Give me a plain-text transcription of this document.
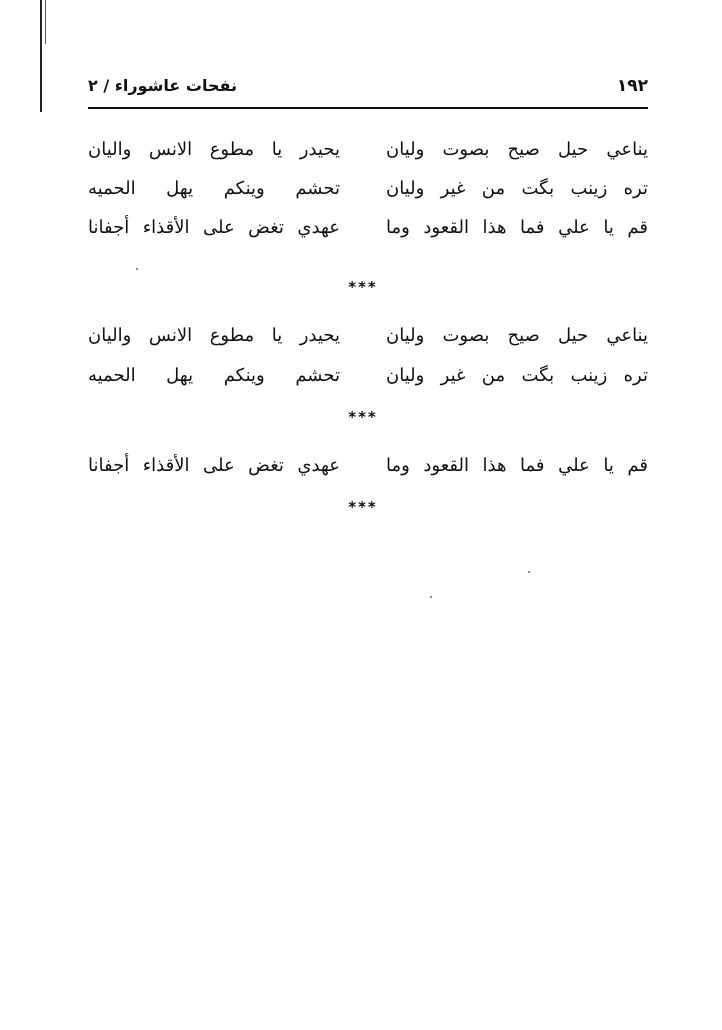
١٩٢
نفحات عاشوراء / ٢
يناعي حيل صيح بصوت وليان
يحيدر يا مطوع الانس واليان
تره زينب بگت من غير وليان
تحشم وينكم يهل الحميه
قم يا علي فما هذا القعود وما
عهدي تغض على الأقذاء أجفانا
***
يناعي حيل صيح بصوت وليان
يحيدر يا مطوع الانس واليان
تره زينب بگت من غير وليان
تحشم وينكم يهل الحميه
***
قم يا علي فما هذا القعود وما
عهدي تغض على الأقذاء أجفانا
***
